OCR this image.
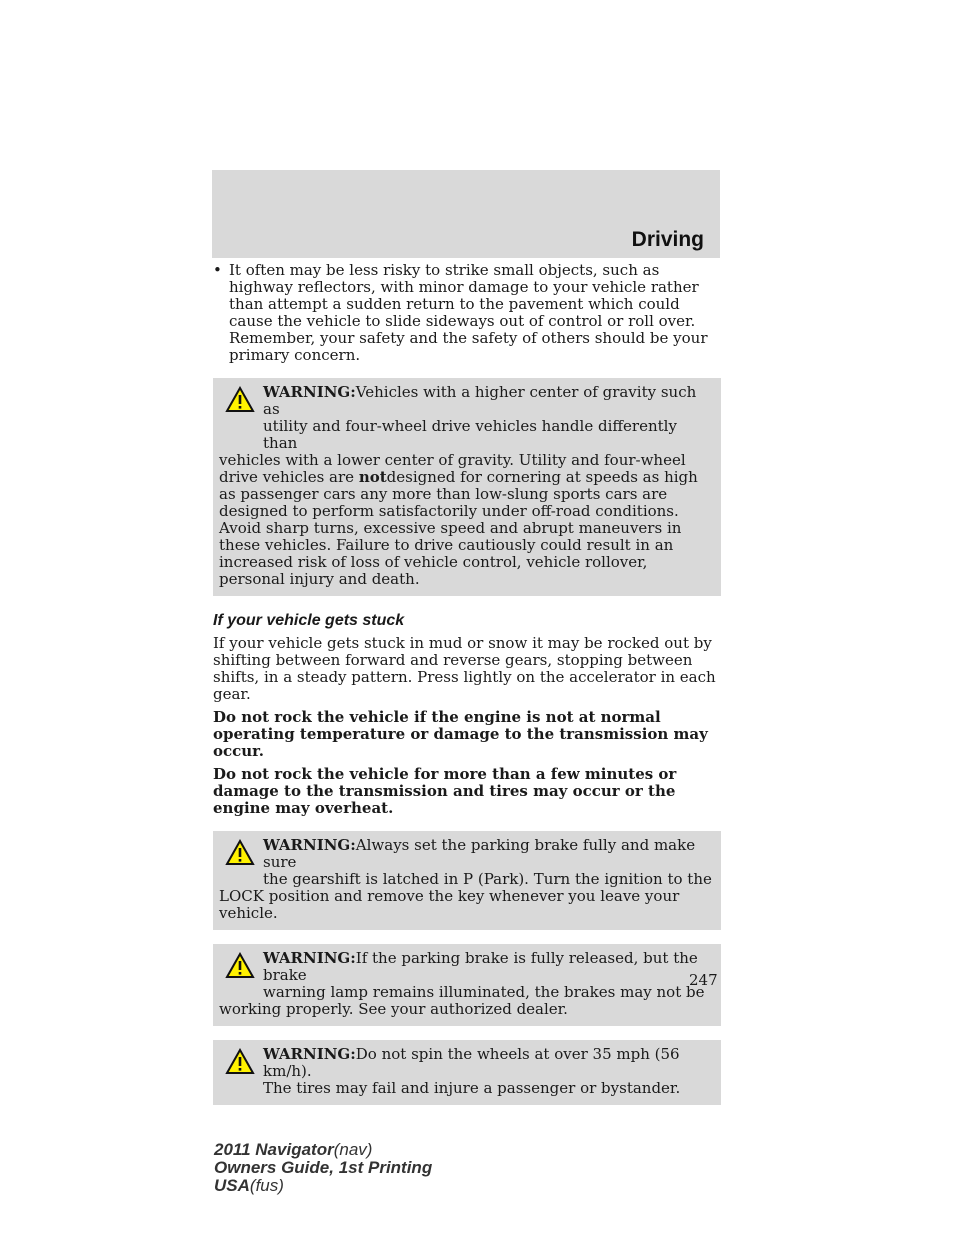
Driving
• It often may be less risky to strike small objects, such as highway reflectors, with minor damage to your vehicle rather than attempt a sudden return to the pavement which could cause the vehicle to slide sideways out of control or roll over. Remember, your safety and the safety of others should be your primary concern.
WARNING:Vehicles with a higher center of gravity such as
utility and four-wheel drive vehicles handle differently than
vehicles with a lower center of gravity. Utility and four-wheel drive vehicles are notdesigned for cornering at speeds as high as passenger cars any more than low-slung sports cars are designed to perform satisfactorily under off-road conditions. Avoid sharp turns, excessive speed and abrupt maneuvers in these vehicles. Failure to drive cautiously could result in an increased risk of loss of vehicle control, vehicle rollover, personal injury and death.
If your vehicle gets stuck

If your vehicle gets stuck in mud or snow it may be rocked out by shifting between forward and reverse gears, stopping between shifts, in a steady pattern. Press lightly on the accelerator in each gear.

Do not rock the vehicle if the engine is not at normal operating temperature or damage to the transmission may occur.

Do not rock the vehicle for more than a few minutes or damage to the transmission and tires may occur or the engine may overheat.

WARNING:Always set the parking brake fully and make sure
the gearshift is latched in P (Park). Turn the ignition to the
LOCK position and remove the key whenever you leave your vehicle.
WARNING:If the parking brake is fully released, but the brake
warning lamp remains illuminated, the brakes may not be
working properly. See your authorized dealer.
WARNING:Do not spin the wheels at over 35 mph (56 km/h).
The tires may fail and injure a passenger or bystander.
247
2011 Navigator(nav)
Owners Guide, 1st Printing
USA(fus)
